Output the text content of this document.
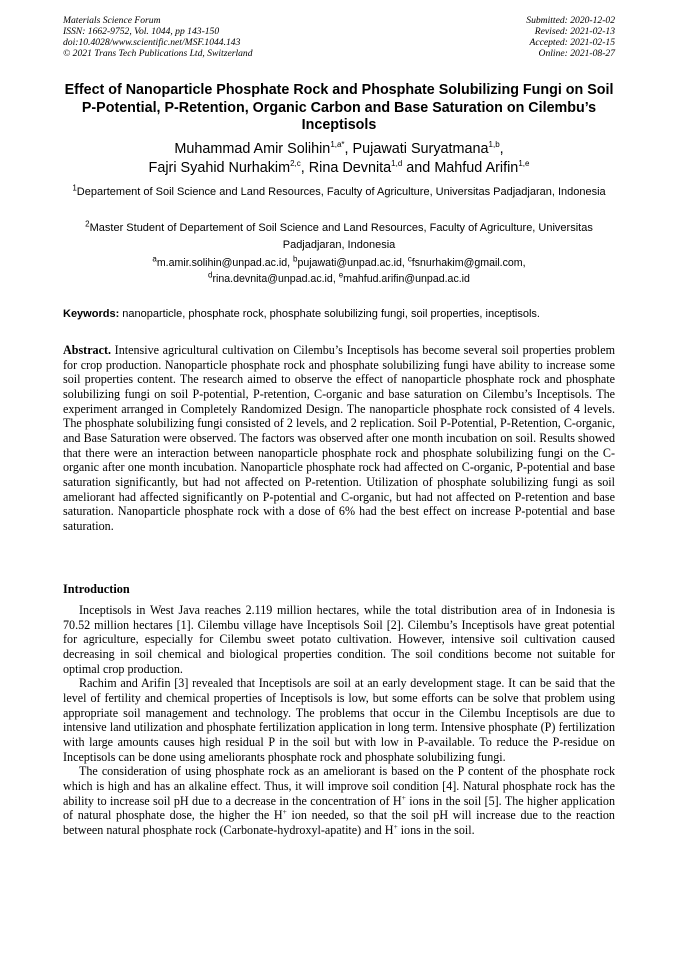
Materials Science Forum
ISSN: 1662-9752, Vol. 1044, pp 143-150
doi:10.4028/www.scientific.net/MSF.1044.143
© 2021 Trans Tech Publications Ltd, Switzerland
Submitted: 2020-12-02
Revised: 2021-02-13
Accepted: 2021-02-15
Online: 2021-08-27
Effect of Nanoparticle Phosphate Rock and Phosphate Solubilizing Fungi on Soil P-Potential, P-Retention, Organic Carbon and Base Saturation on Cilembu’s Inceptisols
Muhammad Amir Solihin$^{1,a*}$, Pujawati Suryatmana$^{1,b}$,
Fajri Syahid Nurhakim$^{2,c}$, Rina Devnita$^{1,d}$ and Mahfud Arifin$^{1,e}$
$^1$Departement of Soil Science and Land Resources, Faculty of Agriculture, Universitas Padjadjaran, Indonesia
$^2$Master Student of Departement of Soil Science and Land Resources, Faculty of Agriculture, Universitas Padjadjaran, Indonesia
$^a$m.amir.solihin@unpad.ac.id, $^b$pujawati@unpad.ac.id, $^c$fsnurhakim@gmail.com,
$^d$rina.devnita@unpad.ac.id, $^e$mahfud.arifin@unpad.ac.id
Keywords: nanoparticle, phosphate rock, phosphate solubilizing fungi, soil properties, inceptisols.

Abstract. Intensive agricultural cultivation on Cilembu’s Inceptisols has become several soil properties problem for crop production. Nanoparticle phosphate rock and phosphate solubilizing fungi have ability to increase some soil properties content. The research aimed to observe the effect of nanoparticle phosphate rock and phosphate solubilizing fungi on soil P-potential, P-retention, C-organic and base saturation on Cilembu’s Inceptisols. The experiment arranged in Completely Randomized Design. The nanoparticle phosphate rock consisted of 4 levels. The phosphate solubilizing fungi consisted of 2 levels, and 2 replication. Soil P-Potential, P-Retention, C-organic, and Base Saturation were observed. The factors was observed after one month incubation on soil. Results showed that there were an interaction between nanoparticle phosphate rock and phosphate solubilizing fungi on the C-organic after one month incubation. Nanoparticle phosphate rock had affected on C-organic, P-potential and base saturation significantly, but had not affected on P-retention. Utilization of phosphate solubilizing fungi as soil ameliorant had affected significantly on P-potential and C-organic, but had not affected on P-retention and base saturation. Nanoparticle phosphate rock with a dose of 6% had the best effect on increase P-potential and base saturation.

Introduction

Inceptisols in West Java reaches 2.119 million hectares, while the total distribution area of in Indonesia is 70.52 million hectares [1]. Cilembu village have Inceptisols Soil [2]. Cilembu’s Inceptisols have great potential for agriculture, especially for Cilembu sweet potato cultivation. However, intensive soil cultivation caused decreasing in soil chemical and biological properties condition. The soil conditions become not suitable for optimal crop production.

Rachim and Arifin [3] revealed that Inceptisols are soil at an early development stage. It can be said that the level of fertility and chemical properties of Inceptisols is low, but some efforts can be solve that problem using appropriate soil management and technology. The problems that occur in the Cilembu Inceptisols are due to intensive land utilization and phosphate fertilization application in long term. Intensive phosphate (P) fertilization with large amounts causes high residual P in the soil but with low in P-available. To reduce the P-residue on Inceptisols can be done using ameliorants phosphate rock and phosphate solubilizing fungi.

The consideration of using phosphate rock as an ameliorant is based on the P content of the phosphate rock which is high and has an alkaline effect. Thus, it will improve soil condition [4]. Natural phosphate rock has the ability to increase soil pH due to a decrease in the concentration of H+ ions in the soil [5]. The higher application of natural phosphate dose, the higher the H+ ion needed, so that the soil pH will increase due to the reaction between natural phosphate rock (Carbonate-hydroxyl-apatite) and H+ ions in the soil.
